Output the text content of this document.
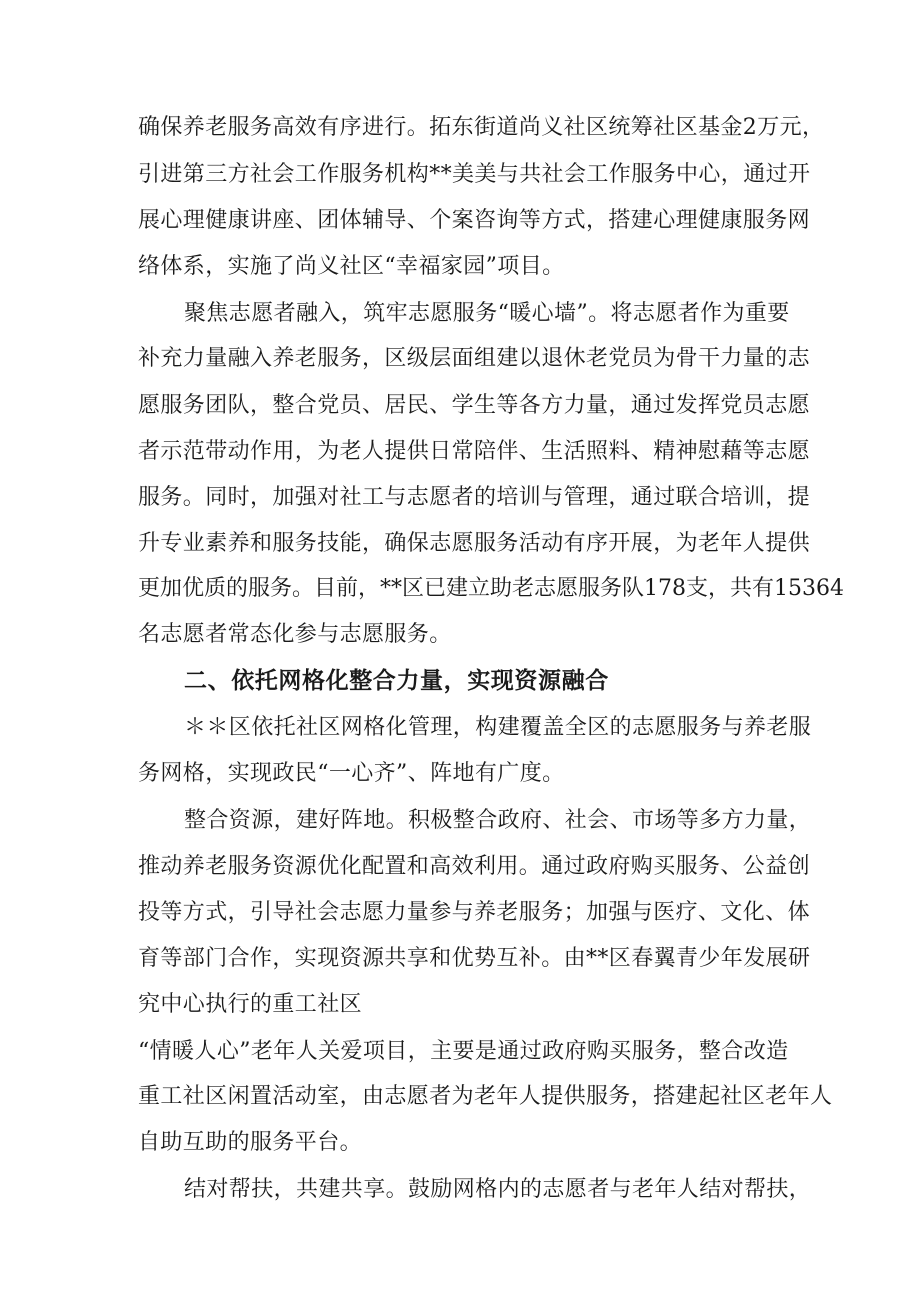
确保养老服务高效有序进行。拓东街道尚义社区统筹社区基金2万元，
引进第三方社会工作服务机构**美美与共社会工作服务中心，通过开
展心理健康讲座、团体辅导、个案咨询等方式，搭建心理健康服务网
络体系，实施了尚义社区“幸福家园”项目。
聚焦志愿者融入，筑牢志愿服务“暖心墙”。将志愿者作为重要
补充力量融入养老服务，区级层面组建以退休老党员为骨干力量的志
愿服务团队，整合党员、居民、学生等各方力量，通过发挥党员志愿
者示范带动作用，为老人提供日常陪伴、生活照料、精神慰藉等志愿
服务。同时，加强对社工与志愿者的培训与管理，通过联合培训，提
升专业素养和服务技能，确保志愿服务活动有序开展，为老年人提供
更加优质的服务。目前，**区已建立助老志愿服务队178支，共有15364
名志愿者常态化参与志愿服务。
二、依托网格化整合力量，实现资源融合
＊＊区依托社区网格化管理，构建覆盖全区的志愿服务与养老服
务网格，实现政民“一心齐”、阵地有广度。
整合资源，建好阵地。积极整合政府、社会、市场等多方力量，
推动养老服务资源优化配置和高效利用。通过政府购买服务、公益创
投等方式，引导社会志愿力量参与养老服务；加强与医疗、文化、体
育等部门合作，实现资源共享和优势互补。由**区春翼青少年发展研
究中心执行的重工社区
“情暖人心”老年人关爱项目，主要是通过政府购买服务，整合改造
重工社区闲置活动室，由志愿者为老年人提供服务，搭建起社区老年人
自助互助的服务平台。
结对帮扶，共建共享。鼓励网格内的志愿者与老年人结对帮扶，
